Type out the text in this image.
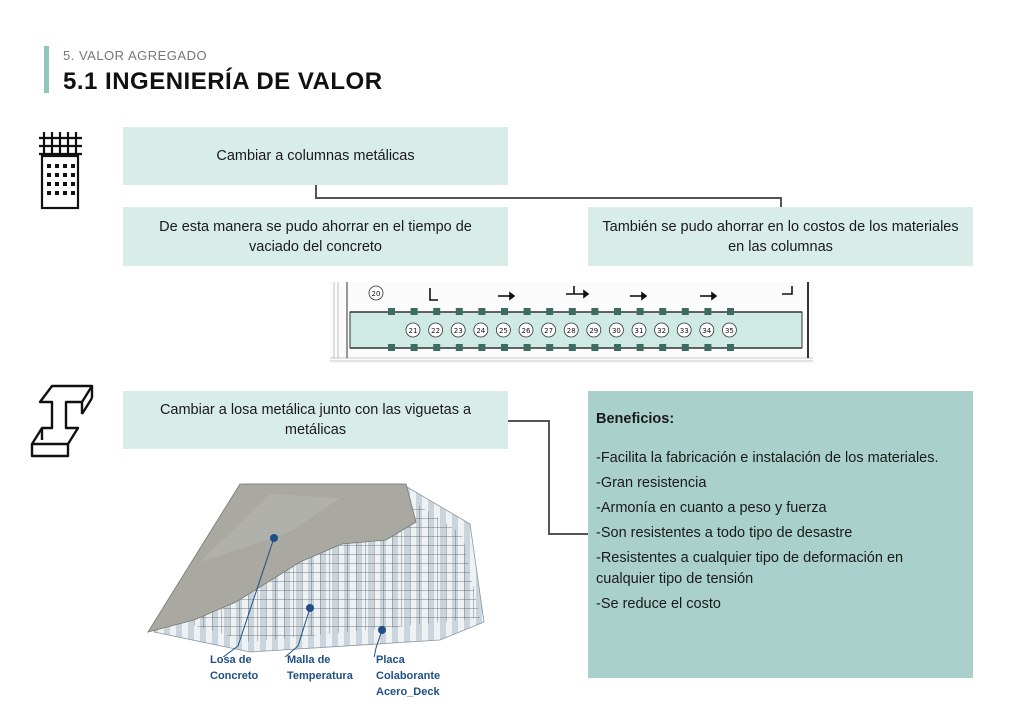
5. VALOR AGREGADO
5.1 INGENIERÍA DE VALOR
Cambiar a columnas metálicas
De esta manera se pudo ahorrar en el tiempo de vaciado del concreto
También se pudo ahorrar en lo costos de los materiales en las columnas
21 22 23 24 25 26 27 28 29 30 31 32 33 34 35
20
Cambiar a losa metálica junto con las viguetas a metálicas
Losa de
Concreto
Malla de
Temperatura
Placa
Colaborante
Acero_Deck
Beneficios:
-Facilita la fabricación e instalación de los materiales.
-Gran resistencia
-Armonía en cuanto a peso y fuerza
-Son resistentes a todo tipo de desastre
-Resistentes a cualquier tipo de deformación en cualquier tipo de tensión
-Se reduce el costo
